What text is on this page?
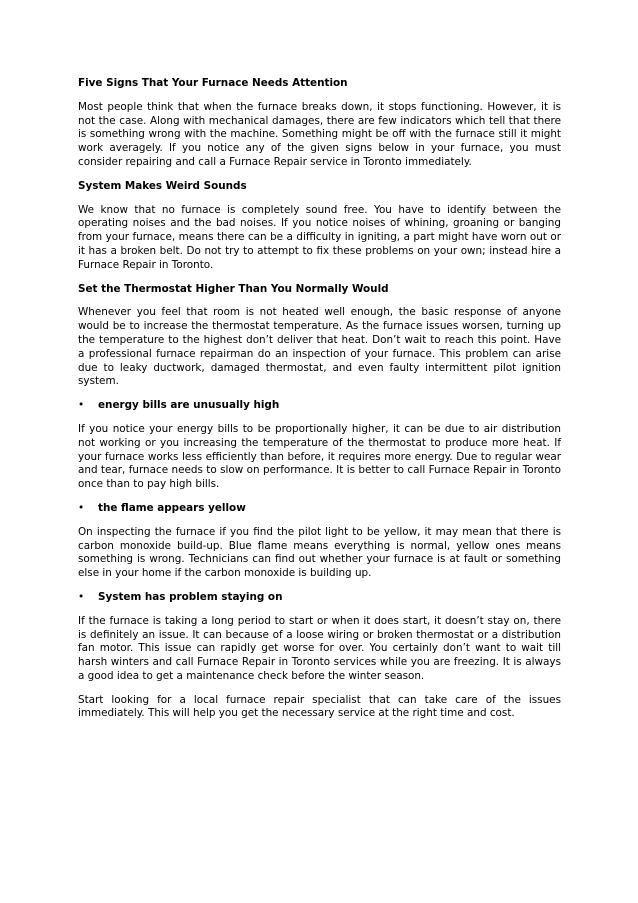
Five Signs That Your Furnace Needs Attention

Most people think that when the furnace breaks down, it stops functioning. However, it is not the case. Along with mechanical damages, there are few indicators which tell that there is something wrong with the machine. Something might be off with the furnace still it might work averagely. If you notice any of the given signs below in your furnace, you must consider repairing and call a Furnace Repair service in Toronto immediately.

System Makes Weird Sounds

We know that no furnace is completely sound free. You have to identify between the operating noises and the bad noises. If you notice noises of whining, groaning or banging from your furnace, means there can be a difficulty in igniting, a part might have worn out or it has a broken belt. Do not try to attempt to fix these problems on your own; instead hire a Furnace Repair in Toronto.

Set the Thermostat Higher Than You Normally Would

Whenever you feel that room is not heated well enough, the basic response of anyone would be to increase the thermostat temperature. As the furnace issues worsen, turning up the temperature to the highest don’t deliver that heat. Don’t wait to reach this point. Have a professional furnace repairman do an inspection of your furnace. This problem can arise due to leaky ductwork, damaged thermostat, and even faulty intermittent pilot ignition system.

•	energy bills are unusually high

If you notice your energy bills to be proportionally higher, it can be due to air distribution not working or you increasing the temperature of the thermostat to produce more heat. If your furnace works less efficiently than before, it requires more energy. Due to regular wear and tear, furnace needs to slow on performance. It is better to call Furnace Repair in Toronto once than to pay high bills.

•	the flame appears yellow

On inspecting the furnace if you find the pilot light to be yellow, it may mean that there is carbon monoxide build-up. Blue flame means everything is normal, yellow ones means something is wrong. Technicians can find out whether your furnace is at fault or something else in your home if the carbon monoxide is building up.

•	System has problem staying on

If the furnace is taking a long period to start or when it does start, it doesn’t stay on, there is definitely an issue. It can because of a loose wiring or broken thermostat or a distribution fan motor. This issue can rapidly get worse for over. You certainly don’t want to wait till harsh winters and call Furnace Repair in Toronto services while you are freezing. It is always a good idea to get a maintenance check before the winter season.

Start looking for a local furnace repair specialist that can take care of the issues immediately. This will help you get the necessary service at the right time and cost.
